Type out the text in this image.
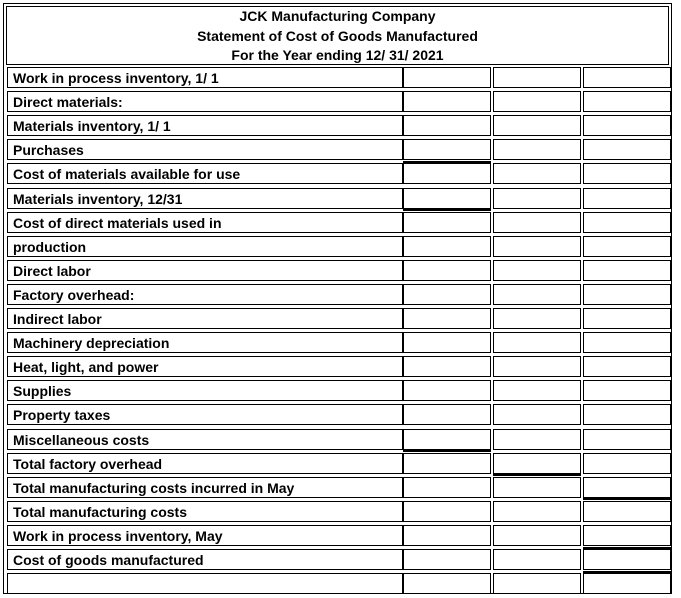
JCK Manufacturing Company
Statement of Cost of Goods Manufactured
For the Year ending 12/ 31/ 2021
Work in process inventory, 1/ 1
Direct materials:
Materials inventory, 1/ 1
Purchases
Cost of materials available for use
Materials inventory, 12/31
Cost of direct materials used in
production
Direct labor
Factory overhead:
Indirect labor
Machinery depreciation
Heat, light, and power
Supplies
Property taxes
Miscellaneous costs
Total factory overhead
Total manufacturing costs incurred in May
Total manufacturing costs
Work in process inventory, May
Cost of goods manufactured
